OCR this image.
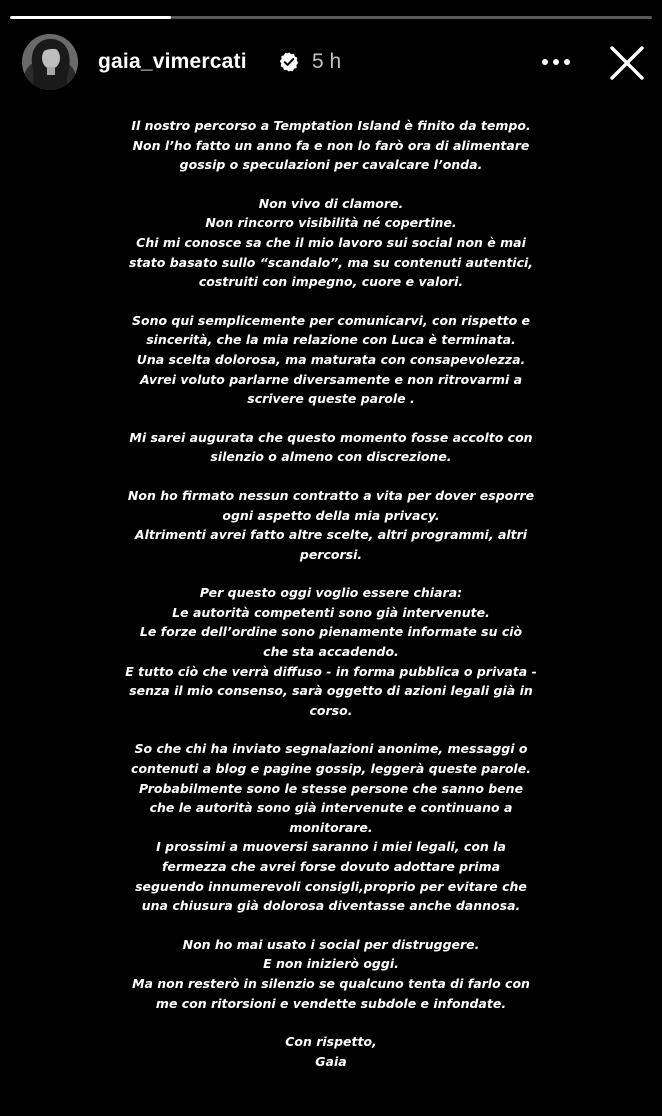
gaia_vimercati	5 h
Il nostro percorso a Temptation Island è finito da tempo.
Non l’ho fatto un anno fa e non lo farò ora di alimentare
gossip o speculazioni per cavalcare l’onda.
Non vivo di clamore.
Non rincorro visibilità né copertine.
Chi mi conosce sa che il mio lavoro sui social non è mai
stato basato sullo “scandalo”, ma su contenuti autentici,
costruiti con impegno, cuore e valori.
Sono qui semplicemente per comunicarvi, con rispetto e
sincerità, che la mia relazione con Luca è terminata.
Una scelta dolorosa, ma maturata con consapevolezza.
Avrei voluto parlarne diversamente e non ritrovarmi a
scrivere queste parole .
Mi sarei augurata che questo momento fosse accolto con
silenzio o almeno con discrezione.
Non ho firmato nessun contratto a vita per dover esporre
ogni aspetto della mia privacy.
Altrimenti avrei fatto altre scelte, altri programmi, altri
percorsi.
Per questo oggi voglio essere chiara:
Le autorità competenti sono già intervenute.
Le forze dell’ordine sono pienamente informate su ciò
che sta accadendo.
E tutto ciò che verrà diffuso - in forma pubblica o privata -
senza il mio consenso, sarà oggetto di azioni legali già in
corso.
So che chi ha inviato segnalazioni anonime, messaggi o
contenuti a blog e pagine gossip, leggerà queste parole.
Probabilmente sono le stesse persone che sanno bene
che le autorità sono già intervenute e continuano a
monitorare.
I prossimi a muoversi saranno i miei legali, con la
fermezza che avrei forse dovuto adottare prima
seguendo innumerevoli consigli,proprio per evitare che
una chiusura già dolorosa diventasse anche dannosa.
Non ho mai usato i social per distruggere.
E non inizierò oggi.
Ma non resterò in silenzio se qualcuno tenta di farlo con
me con ritorsioni e vendette subdole e infondate.
Con rispetto,
Gaia
